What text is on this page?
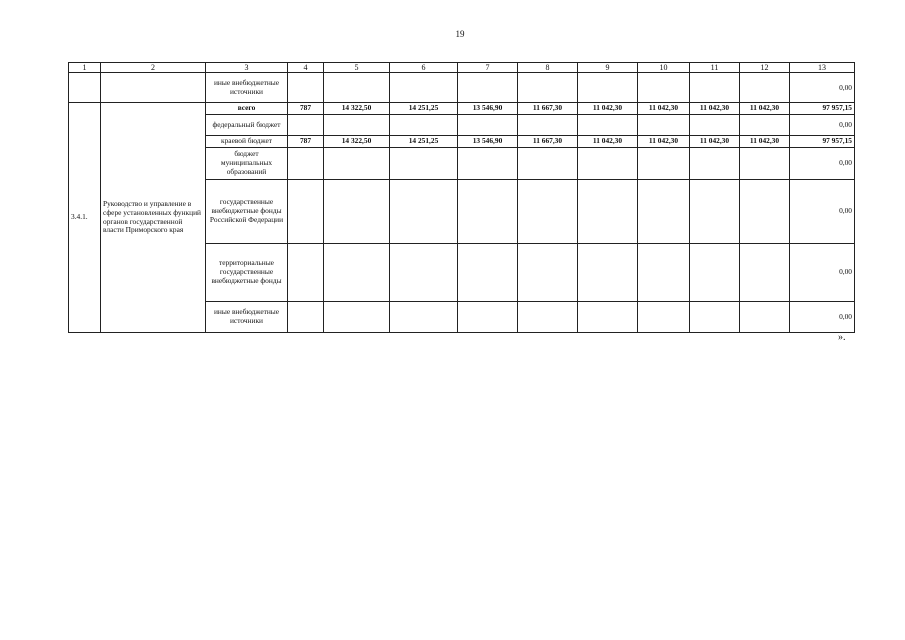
19
1	2	3	4	5	6	7	8	9	10	11	12	13
		иные внебюджетные источники										0,00
3.4.1.	Руководство и управление в сфере установленных функций органов государственной власти Приморского края	всего	787	14 322,50	14 251,25	13 546,90	11 667,30	11 042,30	11 042,30	11 042,30	11 042,30	97 957,15
		федеральный бюджет										0,00
		краевой бюджет	787	14 322,50	14 251,25	13 546,90	11 667,30	11 042,30	11 042,30	11 042,30	11 042,30	97 957,15
		бюджет муниципальных образований										0,00
		государственные внебюджетные фонды Российской Федерации										0,00
		территориальные государственные внебюджетные фонды										0,00
		иные внебюджетные источники										0,00
».
